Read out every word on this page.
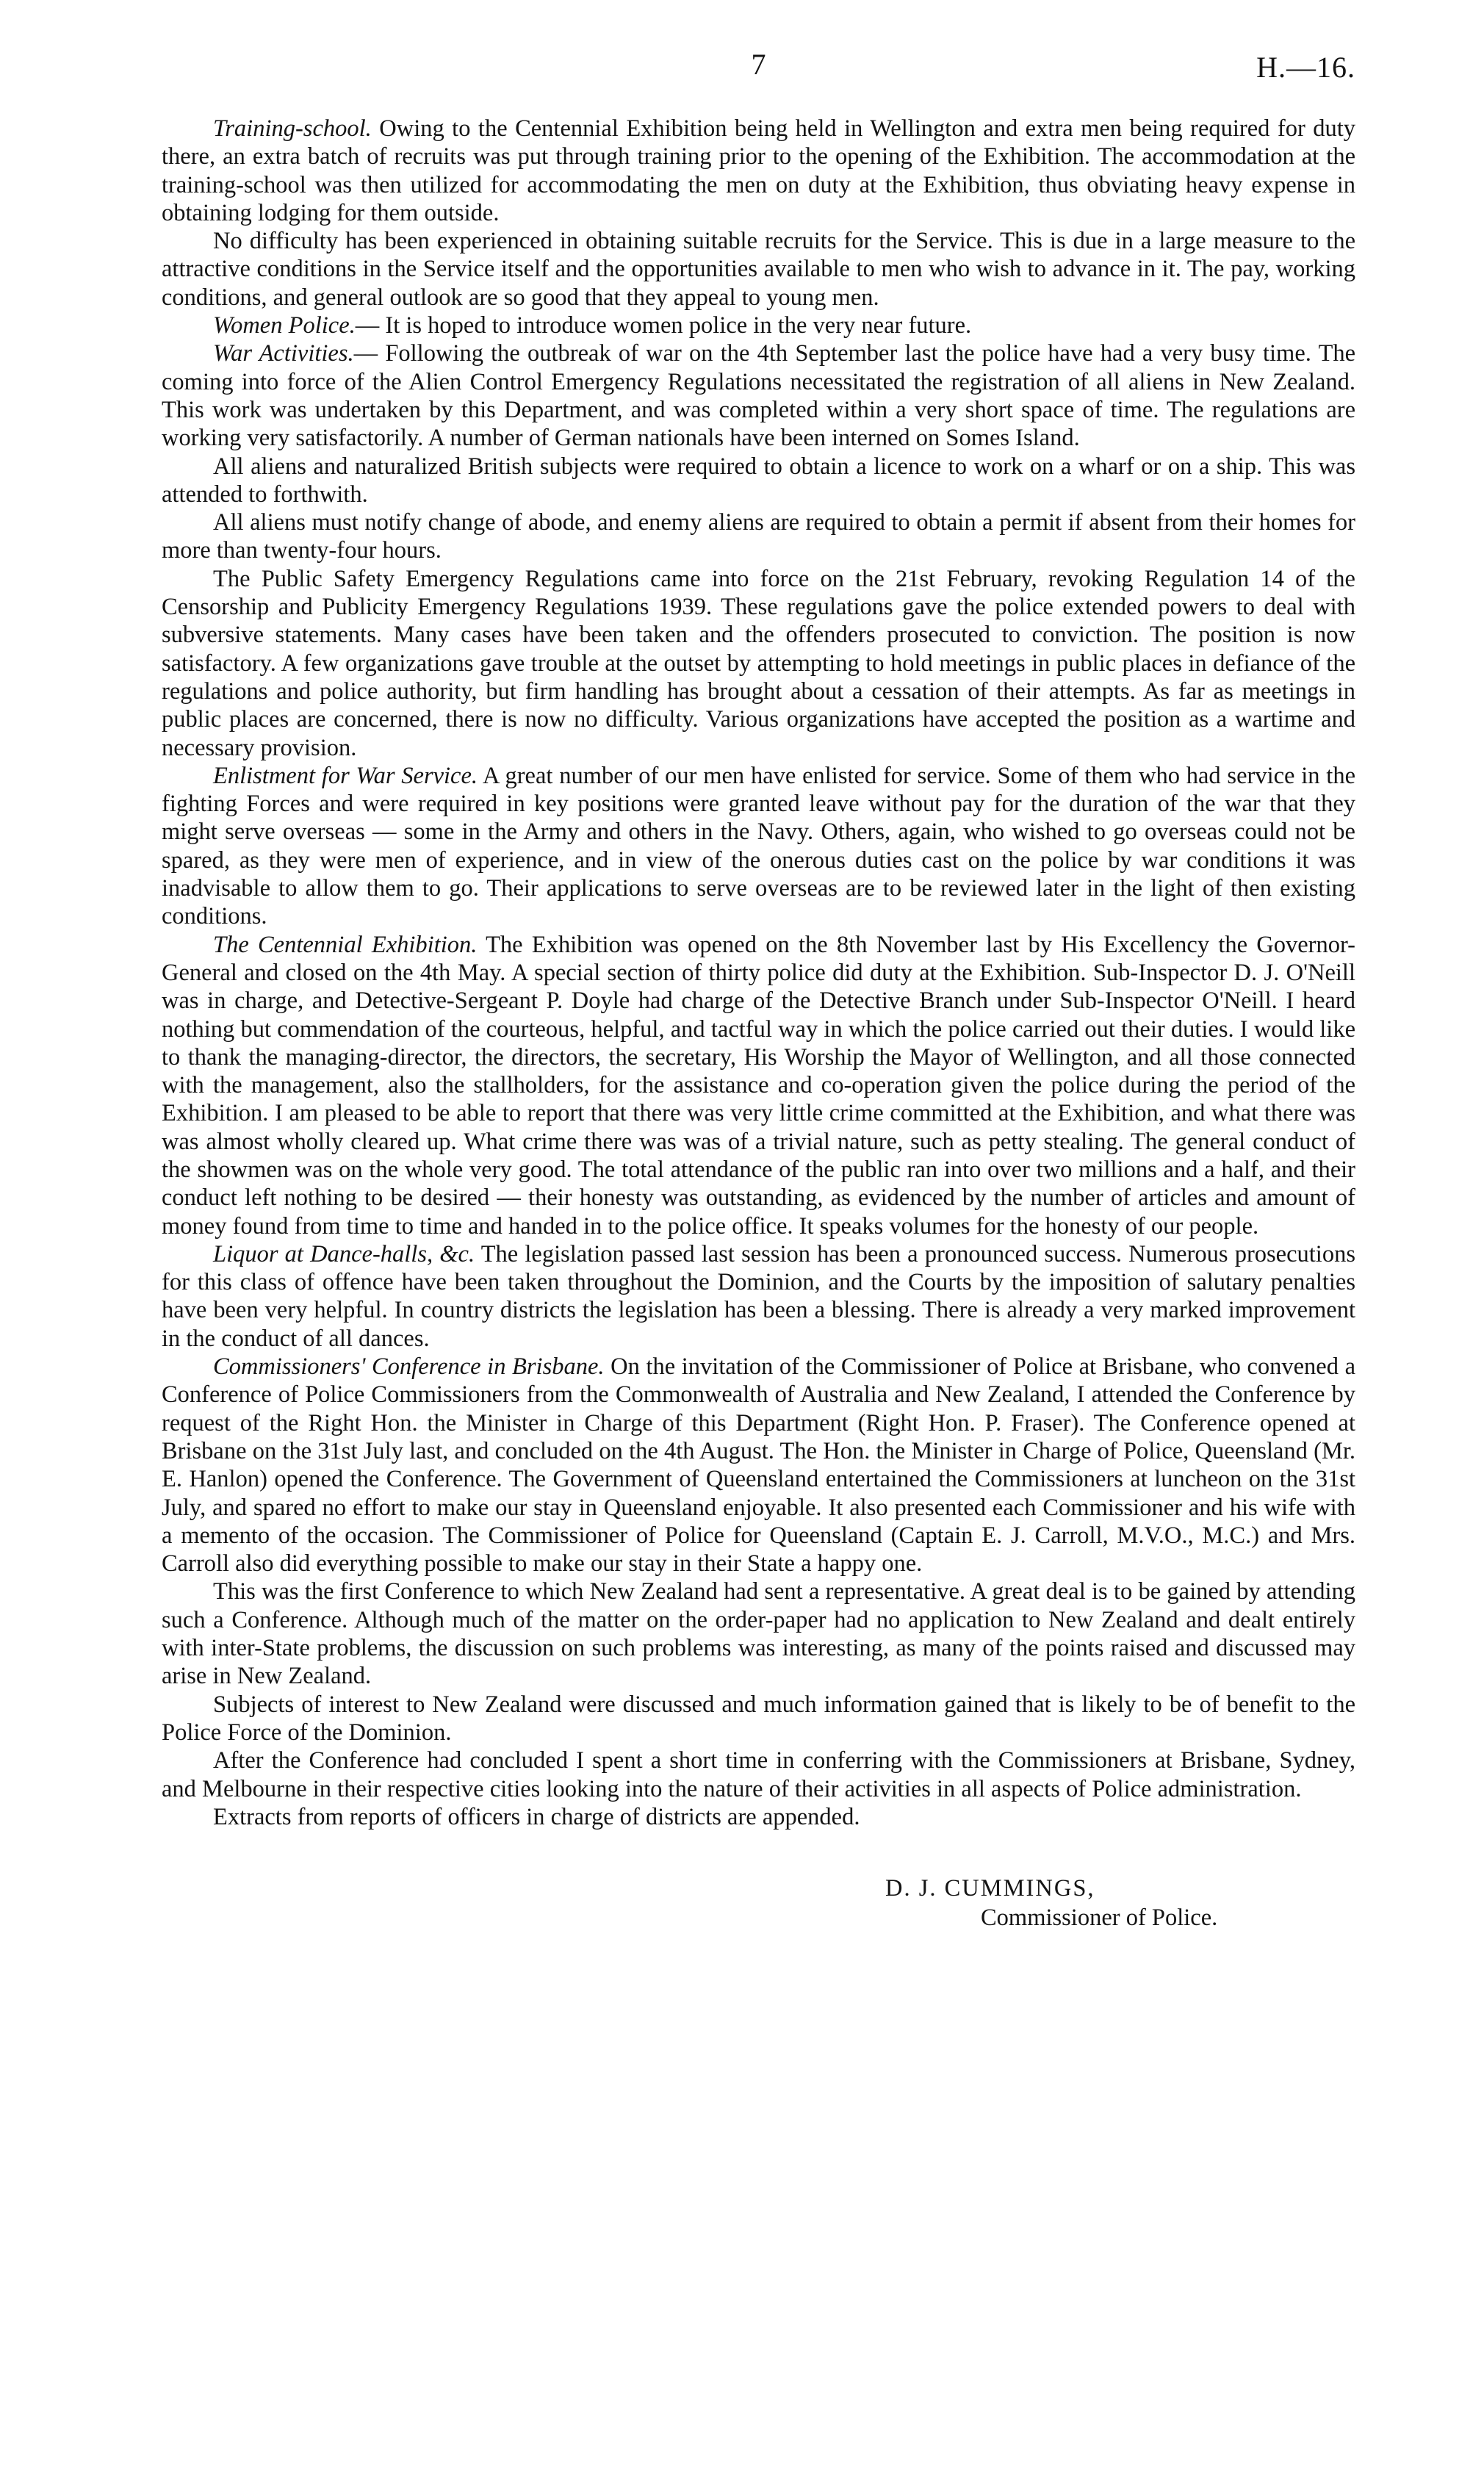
7	H.—16.

Training-school. Owing to the Centennial Exhibition being held in Wellington and extra men being required for duty there, an extra batch of recruits was put through training prior to the opening of the Exhibition. The accommodation at the training-school was then utilized for accommodating the men on duty at the Exhibition, thus obviating heavy expense in obtaining lodging for them outside.

No difficulty has been experienced in obtaining suitable recruits for the Service. This is due in a large measure to the attractive conditions in the Service itself and the opportunities available to men who wish to advance in it. The pay, working conditions, and general outlook are so good that they appeal to young men.

Women Police.— It is hoped to introduce women police in the very near future.

War Activities.— Following the outbreak of war on the 4th September last the police have had a very busy time. The coming into force of the Alien Control Emergency Regulations necessitated the registration of all aliens in New Zealand. This work was undertaken by this Department, and was completed within a very short space of time. The regulations are working very satisfactorily. A number of German nationals have been interned on Somes Island.

All aliens and naturalized British subjects were required to obtain a licence to work on a wharf or on a ship. This was attended to forthwith.

All aliens must notify change of abode, and enemy aliens are required to obtain a permit if absent from their homes for more than twenty-four hours.

The Public Safety Emergency Regulations came into force on the 21st February, revoking Regulation 14 of the Censorship and Publicity Emergency Regulations 1939. These regulations gave the police extended powers to deal with subversive statements. Many cases have been taken and the offenders prosecuted to conviction. The position is now satisfactory. A few organizations gave trouble at the outset by attempting to hold meetings in public places in defiance of the regulations and police authority, but firm handling has brought about a cessation of their attempts. As far as meetings in public places are concerned, there is now no difficulty. Various organizations have accepted the position as a wartime and necessary provision.

Enlistment for War Service. A great number of our men have enlisted for service. Some of them who had service in the fighting Forces and were required in key positions were granted leave without pay for the duration of the war that they might serve overseas — some in the Army and others in the Navy. Others, again, who wished to go overseas could not be spared, as they were men of experience, and in view of the onerous duties cast on the police by war conditions it was inadvisable to allow them to go. Their applications to serve overseas are to be reviewed later in the light of then existing conditions.

The Centennial Exhibition. The Exhibition was opened on the 8th November last by His Excellency the Governor-General and closed on the 4th May. A special section of thirty police did duty at the Exhibition. Sub-Inspector D. J. O'Neill was in charge, and Detective-Sergeant P. Doyle had charge of the Detective Branch under Sub-Inspector O'Neill. I heard nothing but commendation of the courteous, helpful, and tactful way in which the police carried out their duties. I would like to thank the managing-director, the directors, the secretary, His Worship the Mayor of Wellington, and all those connected with the management, also the stallholders, for the assistance and co-operation given the police during the period of the Exhibition. I am pleased to be able to report that there was very little crime committed at the Exhibition, and what there was was almost wholly cleared up. What crime there was was of a trivial nature, such as petty stealing. The general conduct of the showmen was on the whole very good. The total attendance of the public ran into over two millions and a half, and their conduct left nothing to be desired — their honesty was outstanding, as evidenced by the number of articles and amount of money found from time to time and handed in to the police office. It speaks volumes for the honesty of our people.

Liquor at Dance-halls, &c. The legislation passed last session has been a pronounced success. Numerous prosecutions for this class of offence have been taken throughout the Dominion, and the Courts by the imposition of salutary penalties have been very helpful. In country districts the legislation has been a blessing. There is already a very marked improvement in the conduct of all dances.

Commissioners' Conference in Brisbane. On the invitation of the Commissioner of Police at Brisbane, who convened a Conference of Police Commissioners from the Commonwealth of Australia and New Zealand, I attended the Conference by request of the Right Hon. the Minister in Charge of this Department (Right Hon. P. Fraser). The Conference opened at Brisbane on the 31st July last, and concluded on the 4th August. The Hon. the Minister in Charge of Police, Queensland (Mr. E. Hanlon) opened the Conference. The Government of Queensland entertained the Commissioners at luncheon on the 31st July, and spared no effort to make our stay in Queensland enjoyable. It also presented each Commissioner and his wife with a memento of the occasion. The Commissioner of Police for Queensland (Captain E. J. Carroll, M.V.O., M.C.) and Mrs. Carroll also did everything possible to make our stay in their State a happy one.

This was the first Conference to which New Zealand had sent a representative. A great deal is to be gained by attending such a Conference. Although much of the matter on the order-paper had no application to New Zealand and dealt entirely with inter-State problems, the discussion on such problems was interesting, as many of the points raised and discussed may arise in New Zealand.

Subjects of interest to New Zealand were discussed and much information gained that is likely to be of benefit to the Police Force of the Dominion.

After the Conference had concluded I spent a short time in conferring with the Commissioners at Brisbane, Sydney, and Melbourne in their respective cities looking into the nature of their activities in all aspects of Police administration.

Extracts from reports of officers in charge of districts are appended.

D. J. CUMMINGS,
Commissioner of Police.
